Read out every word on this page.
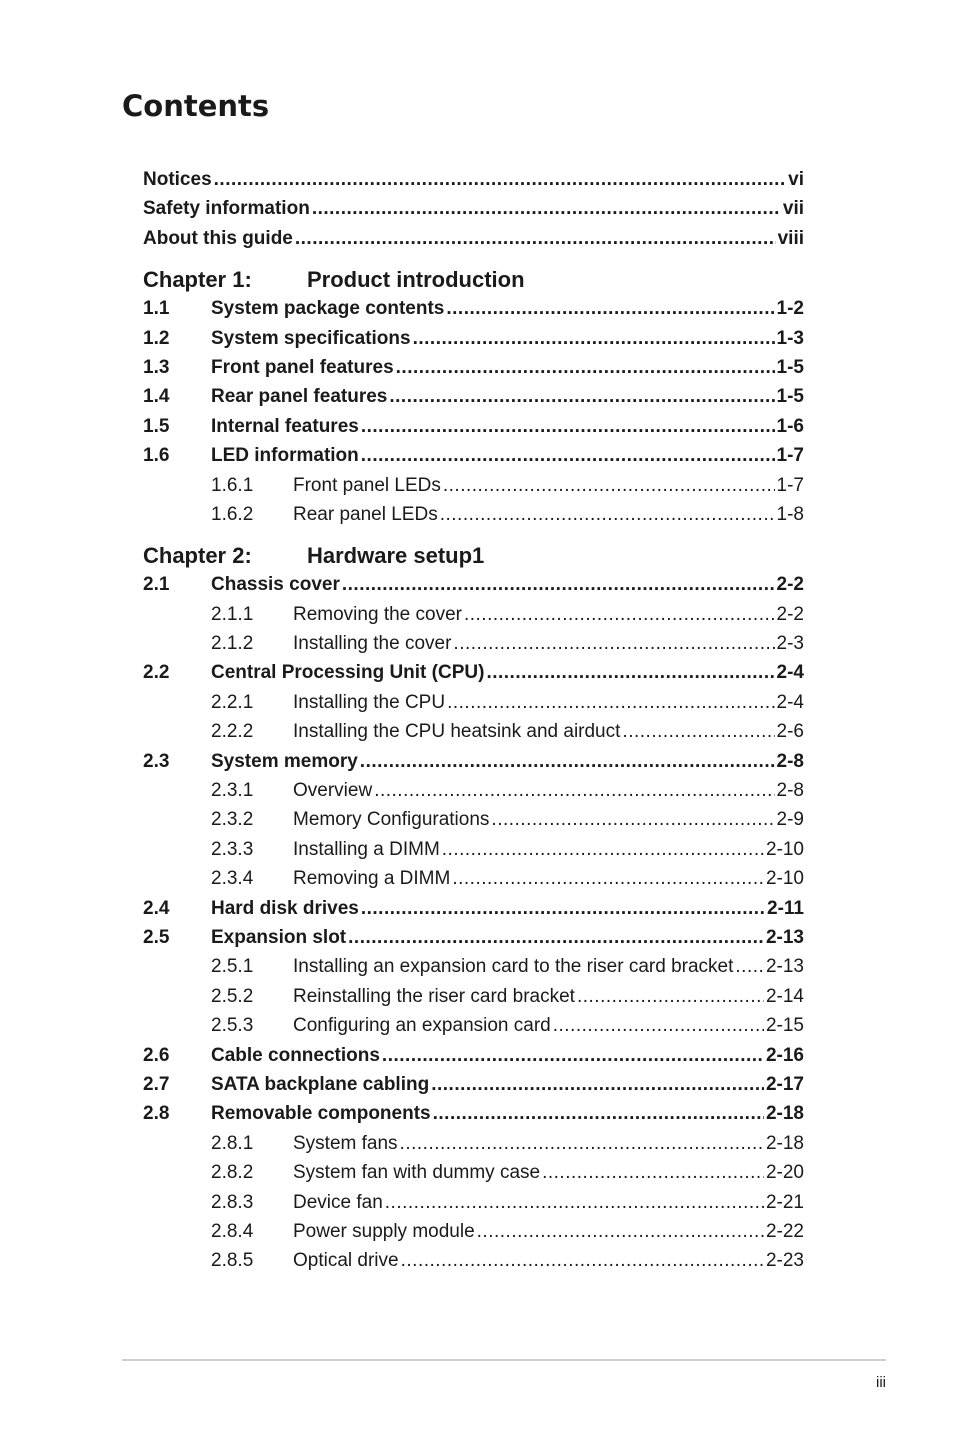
Contents
Notices .....	vi
Safety information .....	vii
About this guide .....	viii
Chapter 1:	Product introduction
1.1	System package contents .....	1-2
1.2	System specifications .....	1-3
1.3	Front panel features .....	1-5
1.4	Rear panel features .....	1-5
1.5	Internal features .....	1-6
1.6	LED information .....	1-7
1.6.1	Front panel LEDs .....	1-7
1.6.2	Rear panel LEDs .....	1-8
Chapter 2:	Hardware setup1
2.1	Chassis cover .....	2-2
2.1.1	Removing the cover .....	2-2
2.1.2	Installing the cover .....	2-3
2.2	Central Processing Unit (CPU) .....	2-4
2.2.1	Installing the CPU .....	2-4
2.2.2	Installing the CPU heatsink and airduct .....	2-6
2.3	System memory .....	2-8
2.3.1	Overview .....	2-8
2.3.2	Memory Configurations .....	2-9
2.3.3	Installing a DIMM .....	2-10
2.3.4	Removing a DIMM .....	2-10
2.4	Hard disk drives .....	2-11
2.5	Expansion slot .....	2-13
2.5.1	Installing an expansion card to the riser card bracket ..... 2-13
2.5.2	Reinstalling the riser card bracket .....	2-14
2.5.3	Configuring an expansion card .....	2-15
2.6	Cable connections .....	2-16
2.7	SATA backplane cabling .....	2-17
2.8	Removable components .....	2-18
2.8.1	System fans .....	2-18
2.8.2	System fan with dummy case .....	2-20
2.8.3	Device fan .....	2-21
2.8.4	Power supply module .....	2-22
2.8.5	Optical drive .....	2-23
iii
